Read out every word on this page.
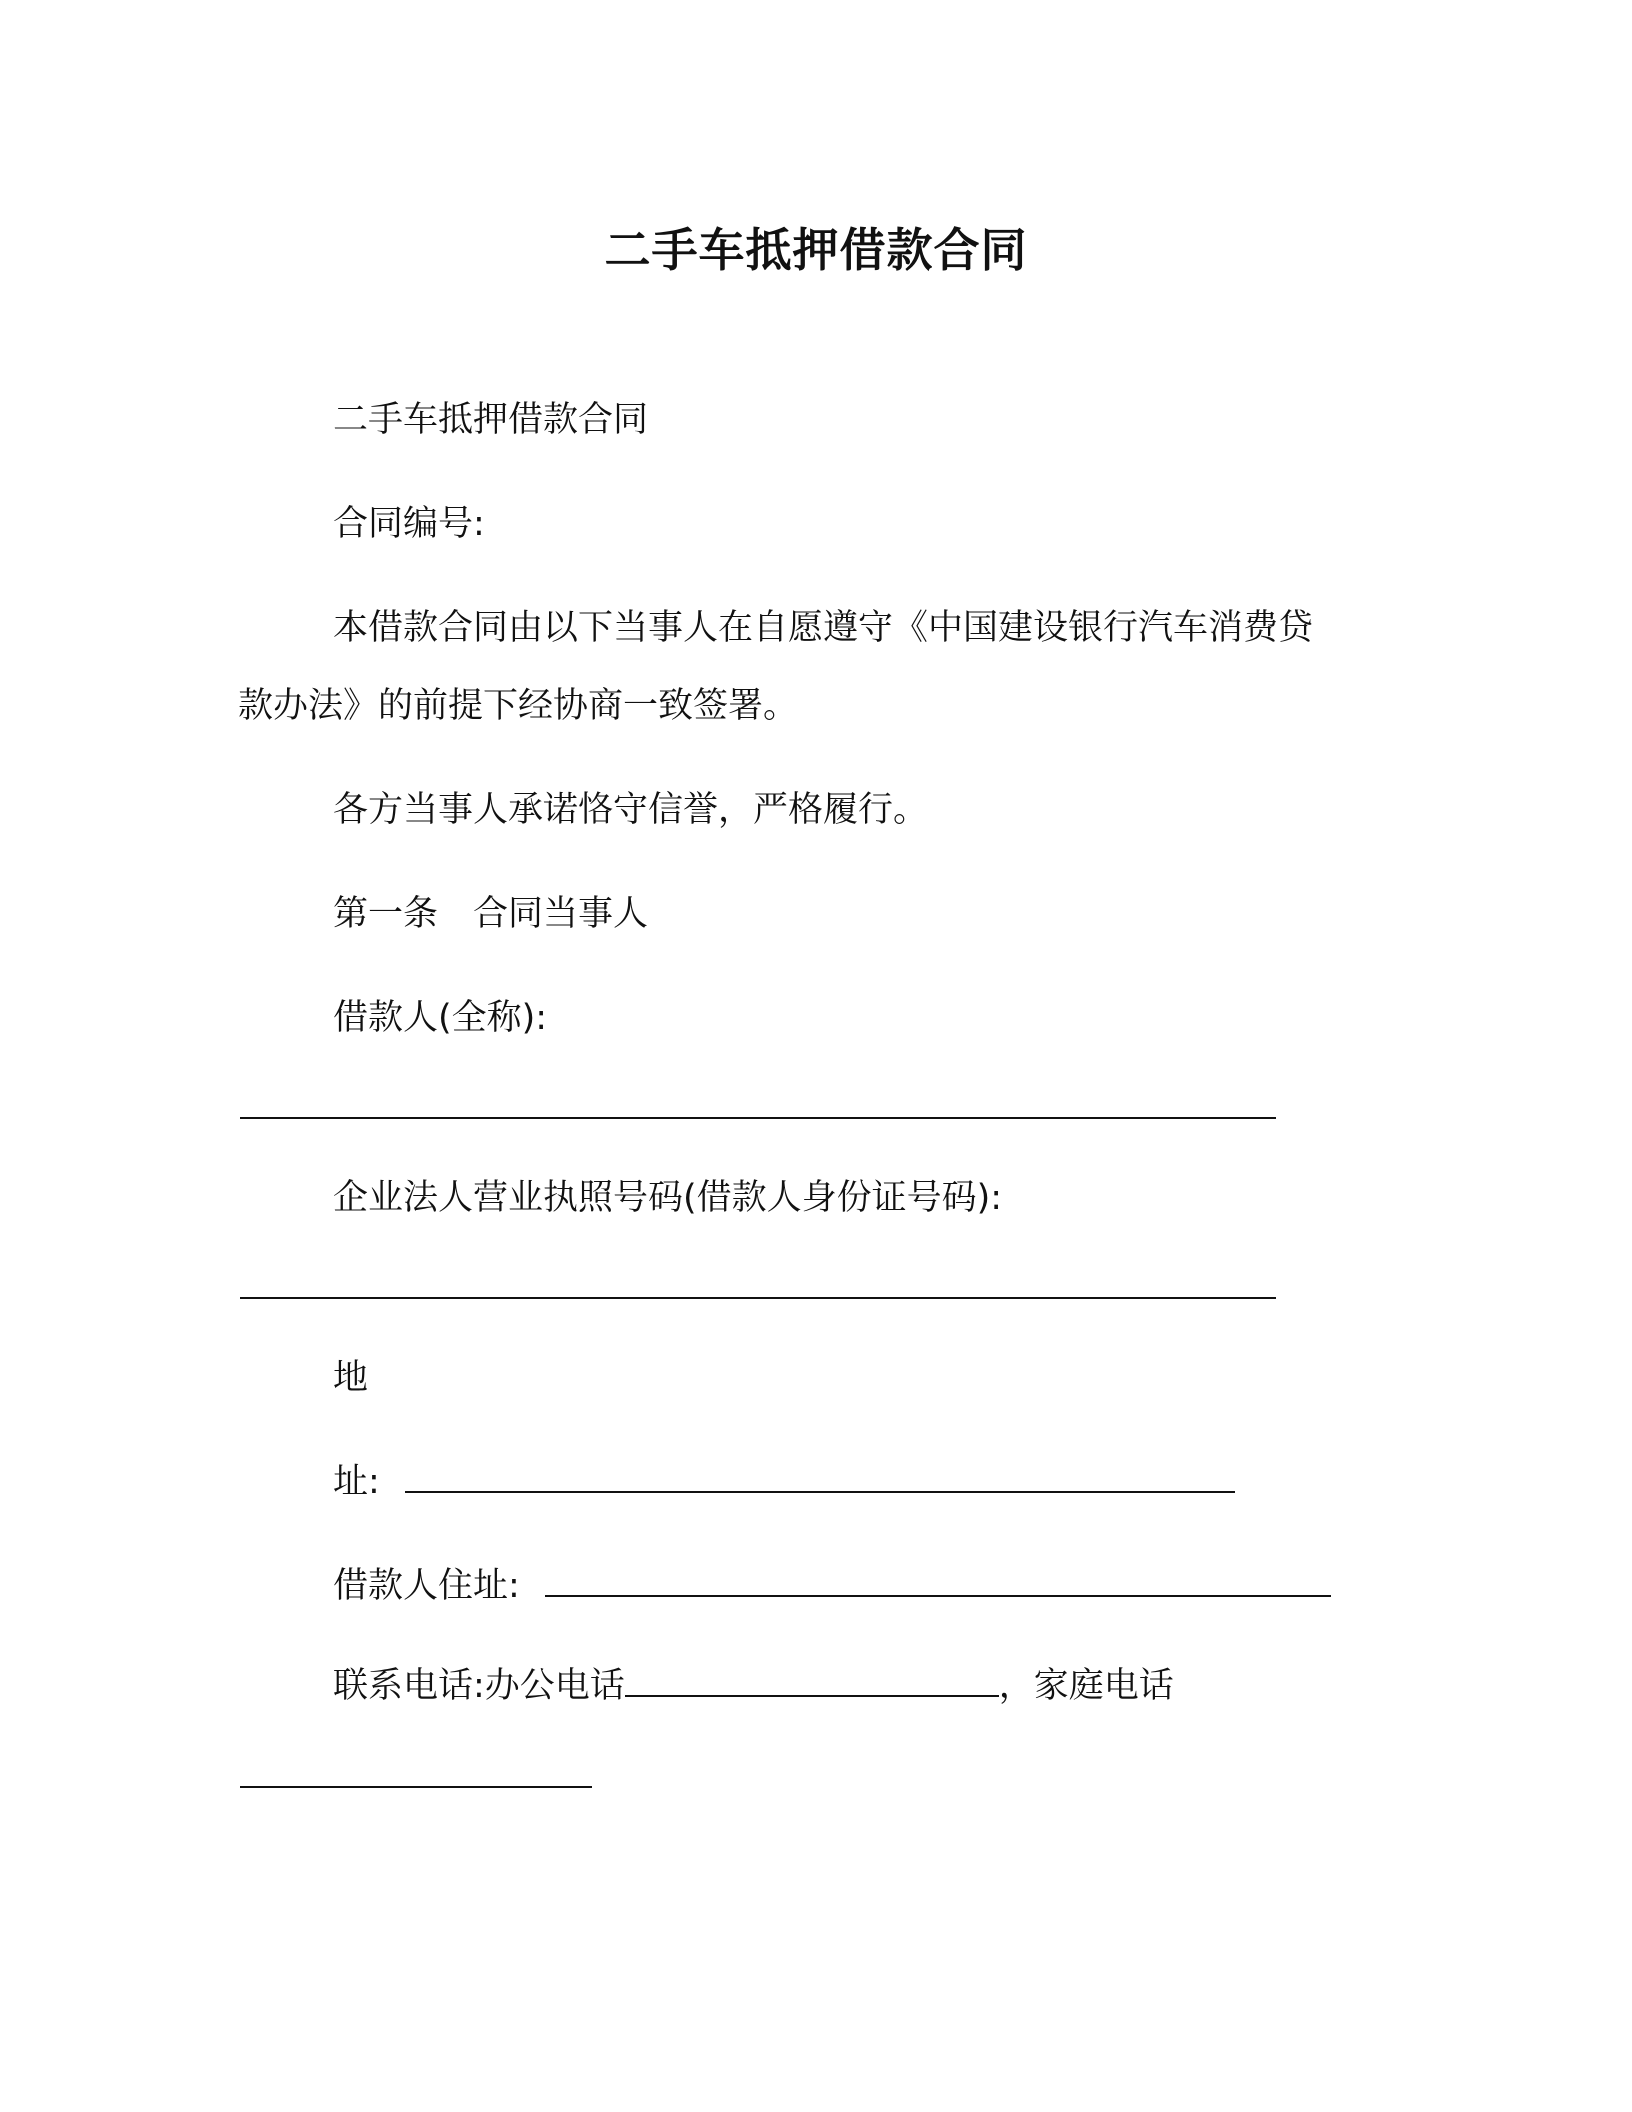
二手车抵押借款合同
二手车抵押借款合同
合同编号:
本借款合同由以下当事人在自愿遵守《中国建设银行汽车消费贷
款办法》的前提下经协商一致签署。
各方当事人承诺恪守信誉，严格履行。
第一条　合同当事人
借款人(全称):
企业法人营业执照号码(借款人身份证号码):
地
址:
借款人住址:
联系电话:办公电话	，家庭电话
